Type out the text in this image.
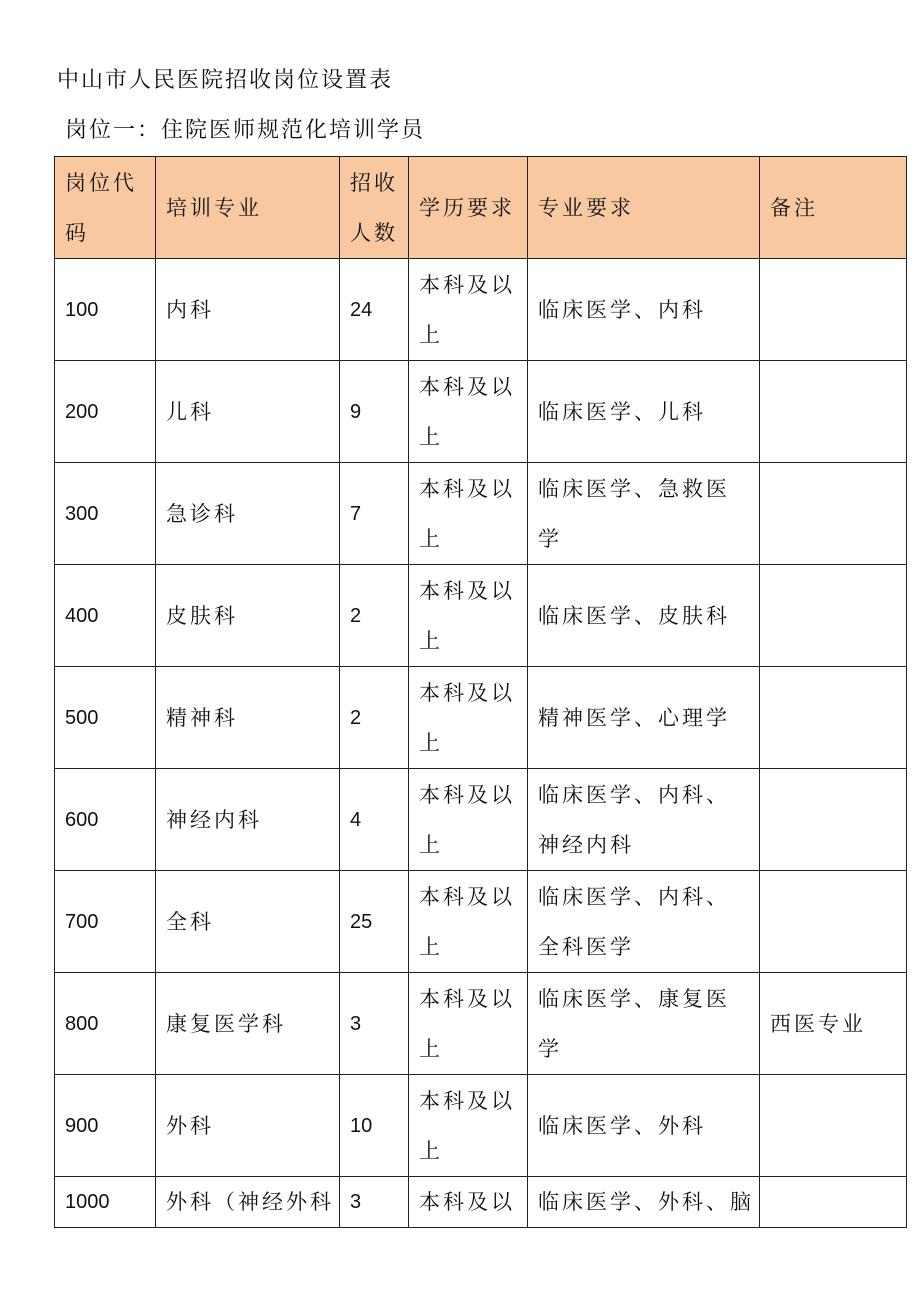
中山市人民医院招收岗位设置表
岗位一：住院医师规范化培训学员
岗位代码	培训专业	招收人数	学历要求	专业要求	备注
100	内科	24	本科及以上	临床医学、内科	
200	儿科	9	本科及以上	临床医学、儿科	
300	急诊科	7	本科及以上	临床医学、急救医学	
400	皮肤科	2	本科及以上	临床医学、皮肤科	
500	精神科	2	本科及以上	精神医学、心理学	
600	神经内科	4	本科及以上	临床医学、内科、神经内科	
700	全科	25	本科及以上	临床医学、内科、全科医学	
800	康复医学科	3	本科及以上	临床医学、康复医学	西医专业
900	外科	10	本科及以上	临床医学、外科	
1000	外科（神经外科	3	本科及以	临床医学、外科、脑	
